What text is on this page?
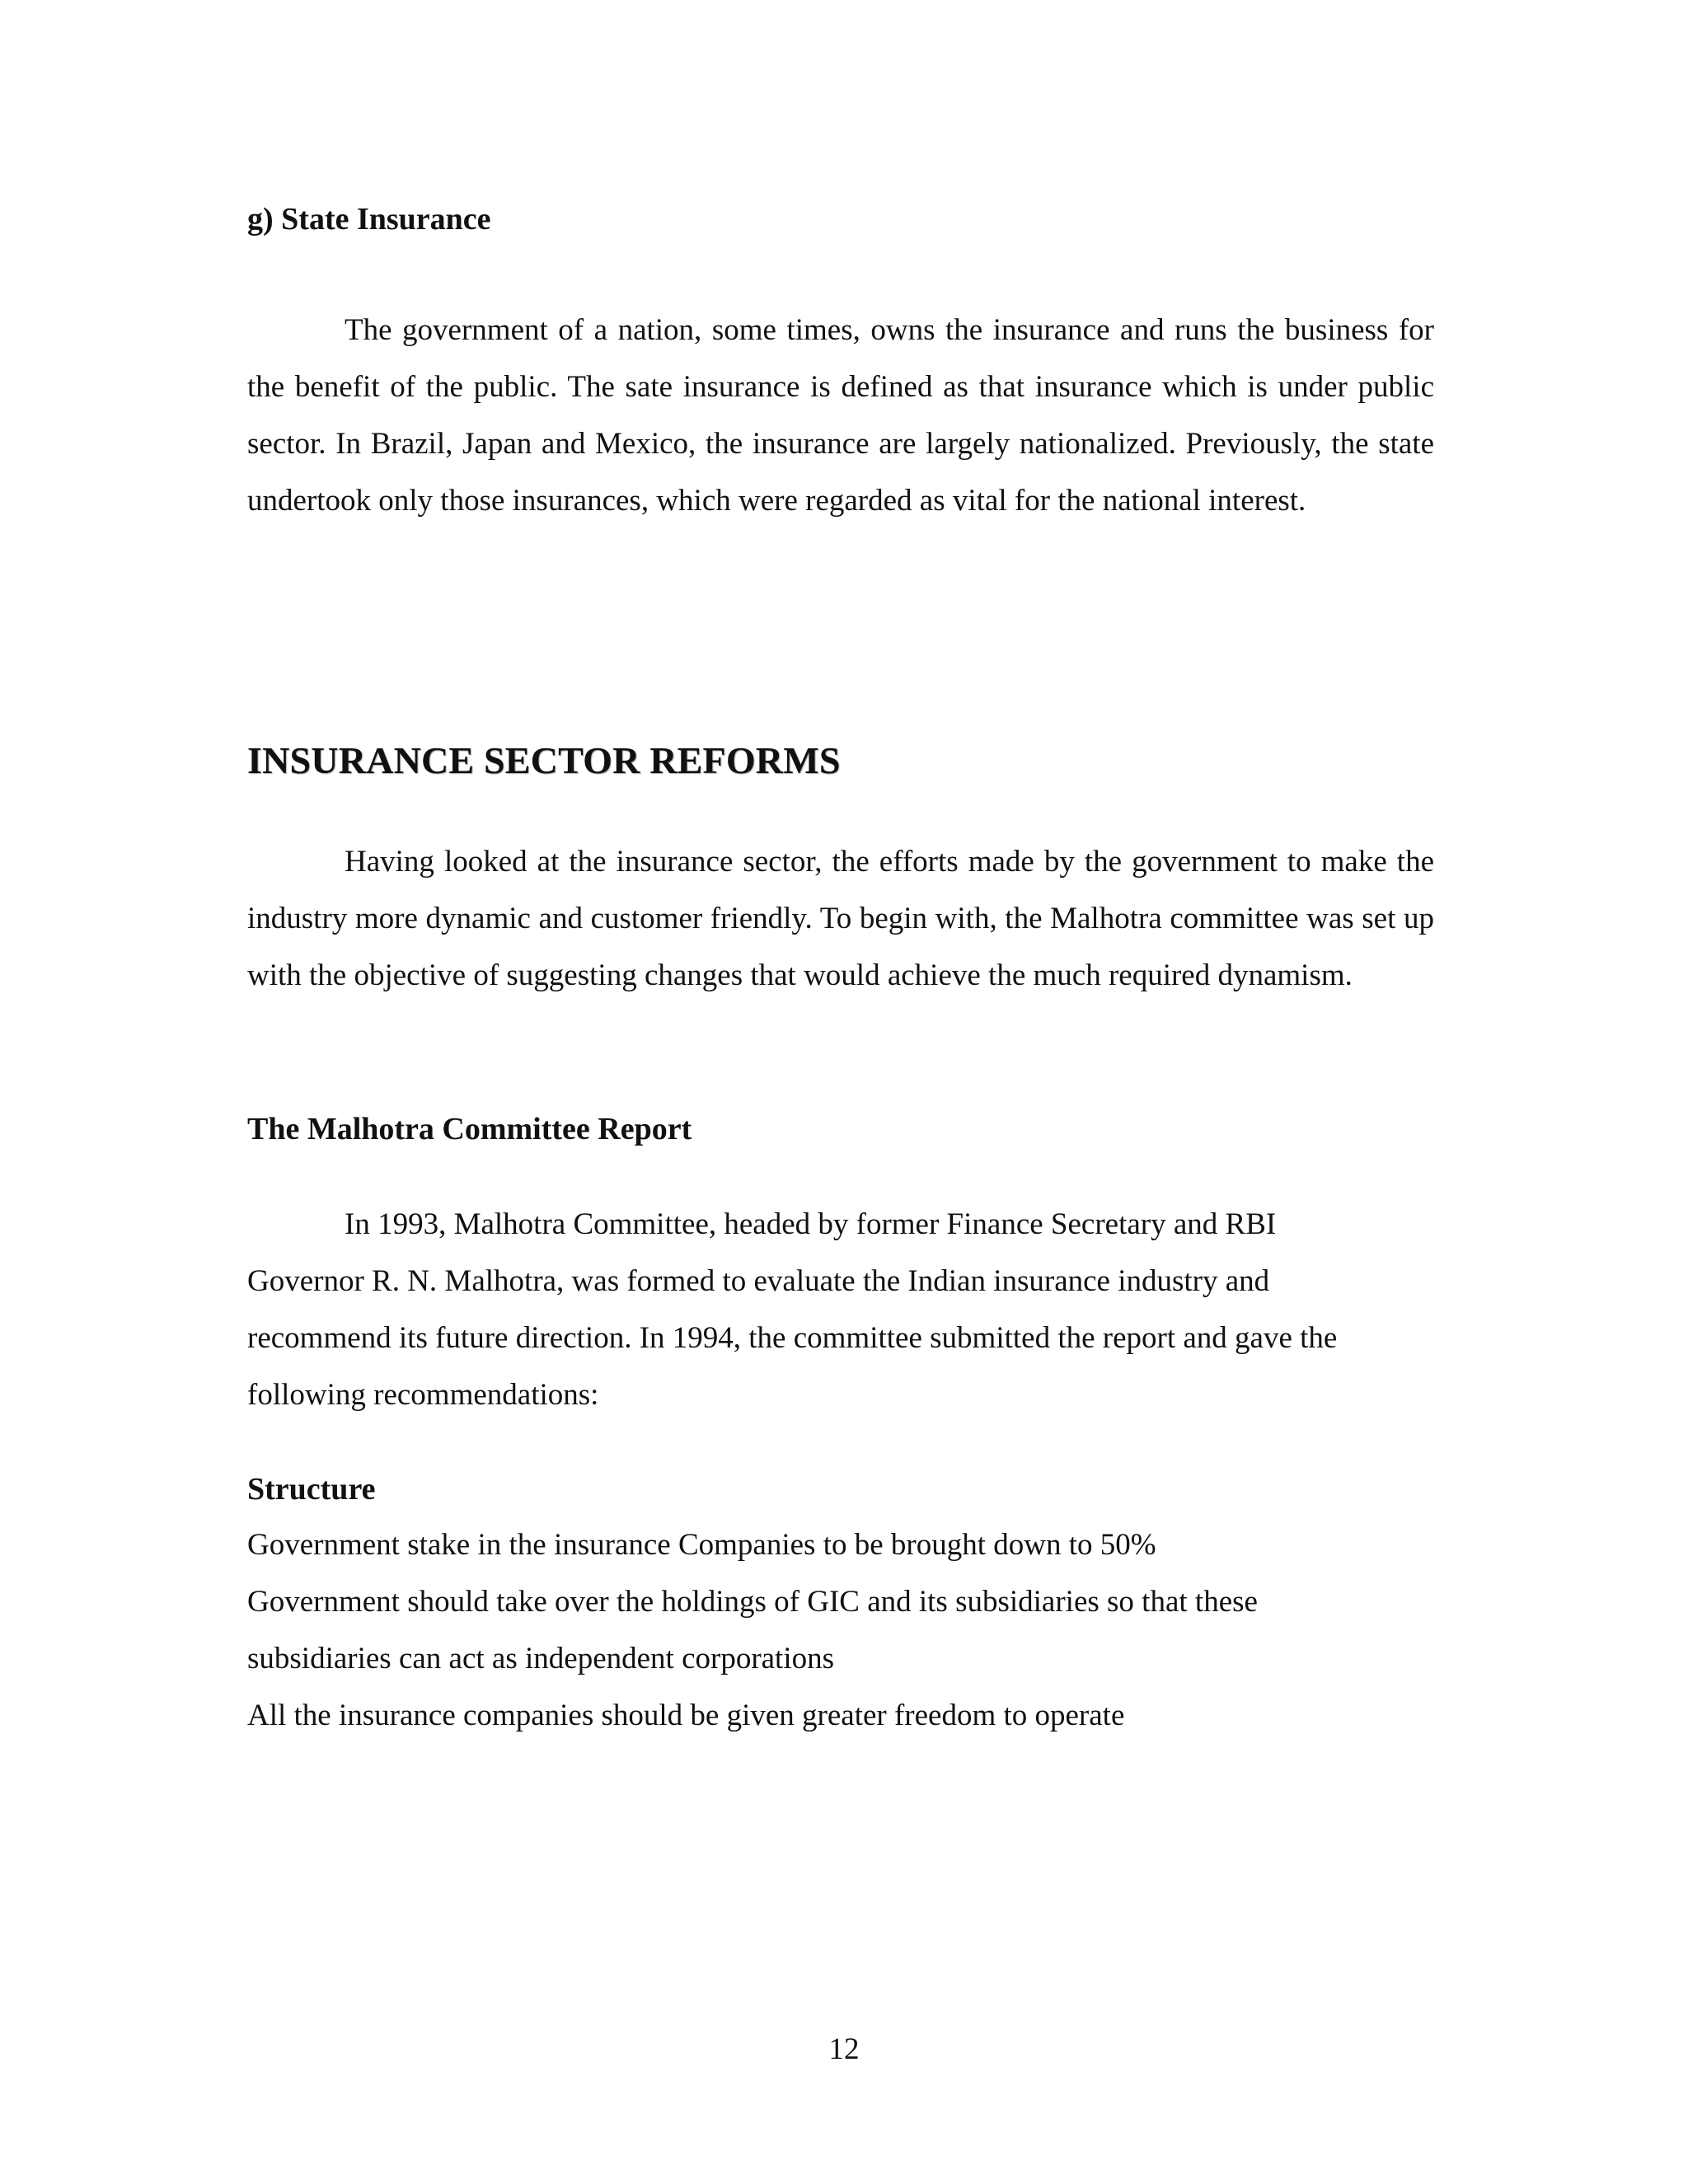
g) State Insurance

The government of a nation, some times, owns the insurance and runs the business for the benefit of the public. The sate insurance is defined as that insurance which is under public sector. In Brazil, Japan and Mexico, the insurance are largely nationalized. Previously, the state undertook only those insurances, which were regarded as vital for the national interest.

INSURANCE SECTOR REFORMS

Having looked at the insurance sector, the efforts made by the government to make the industry more dynamic and customer friendly. To begin with, the Malhotra committee was set up with the objective of suggesting changes that would achieve the much required dynamism.

The Malhotra Committee Report
In 1993, Malhotra Committee, headed by former Finance Secretary and RBI
Governor R. N. Malhotra, was formed to evaluate the Indian insurance industry and
recommend its future direction. In 1994, the committee submitted the report and gave the
following recommendations:
Structure
Government stake in the insurance Companies to be brought down to 50%
Government should take over the holdings of GIC and its subsidiaries so that these
subsidiaries can act as independent corporations
All the insurance companies should be given greater freedom to operate
12
